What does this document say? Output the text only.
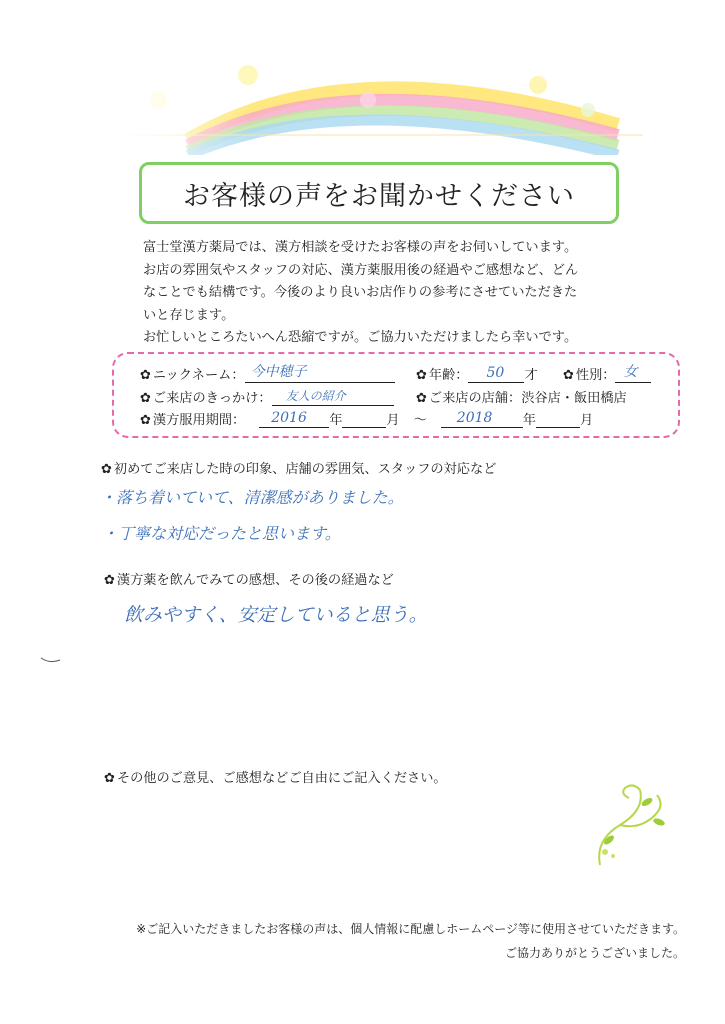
お客様の声をお聞かせください

富士堂漢方薬局では、漢方相談を受けたお客様の声をお伺いしています。

お店の雰囲気やスタッフの対応、漢方薬服用後の経過やご感想など、どん

なことでも結構です。今後のより良いお店作りの参考にさせていただきた

いと存じます。

お忙しいところたいへん恐縮ですが。ご協力いただけましたら幸いです。

✿ ニックネーム： 今中穂子	✿ 年齢： 50 才 ✿ 性別： 女
✿ ご来店のきっかけ： 友人の紹介	✿ ご来店の店舗：渋谷店・飯田橋店
✿ 漢方服用期間： 2016 年	月 〜 2018 年	月
✿ 初めてご来店した時の印象、店舗の雰囲気、スタッフの対応など
・落ち着いていて、清潔感がありました。
・丁寧な対応だったと思います。
✿ 漢方薬を飲んでみての感想、その後の経過など
飲みやすく、安定していると思う。
✿ その他のご意見、ご感想などご自由にご記入ください。
※ご記入いただきましたお客様の声は、個人情報に配慮しホームページ等に使用させていただきます。
ご協力ありがとうございました。
